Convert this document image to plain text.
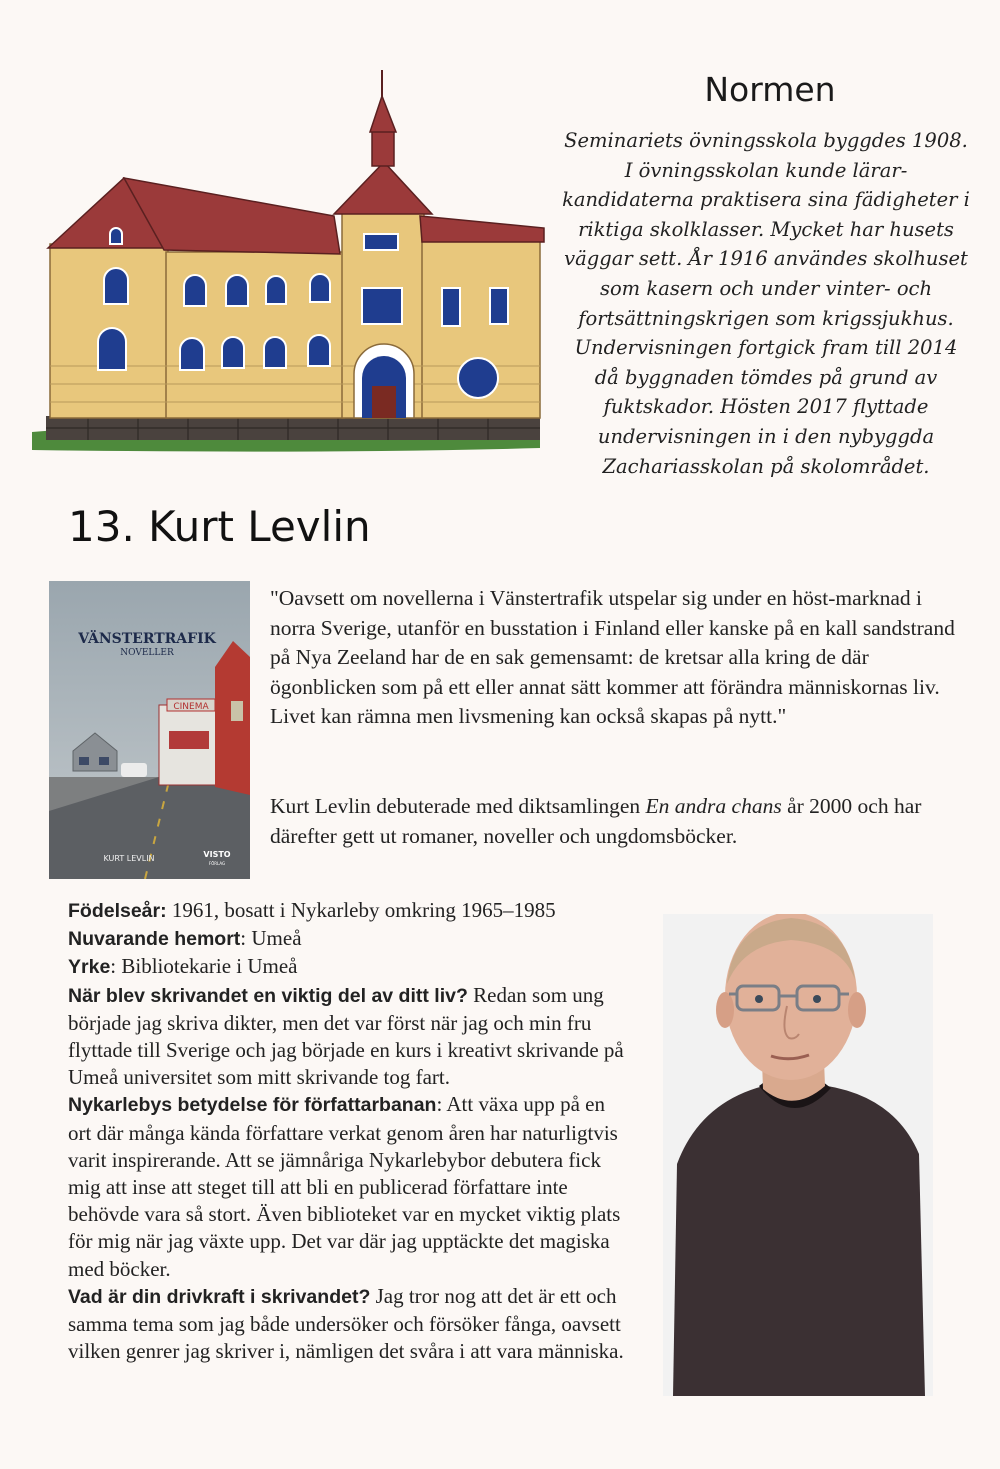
Normen

Seminariets övningsskola byggdes 1908. I övningsskolan kunde lärar-kandidaterna praktisera sina fädigheter i riktiga skolklasser. Mycket har husets väggar sett. År 1916 användes skolhuset som kasern och under vinter- och fortsättningskrigen som krigssjukhus. Undervisningen fortgick fram till 2014 då byggnaden tömdes på grund av fuktskador. Hösten 2017 flyttade undervisningen in i den nybyggda Zachariasskolan på skolområdet.

13. Kurt Levlin
CINEMA
VÄNSTERTRAFIK
NOVELLER
KURT LEVLIN	VISTO
FÖRLAG

"Oavsett om novellerna i Vänstertrafik utspelar sig under en höst-marknad i norra Sverige, utanför en busstation i Finland eller kanske på en kall sandstrand på Nya Zeeland har de en sak gemensamt: de kretsar alla kring de där ögonblicken som på ett eller annat sätt kommer att förändra människornas liv. Livet kan rämna men livsmening kan också skapas på nytt."

Kurt Levlin debuterade med diktsamlingen En andra chans år 2000 och har därefter gett ut romaner, noveller och ungdomsböcker.

Födelseår: 1961, bosatt i Nykarleby omkring 1965–1985

Nuvarande hemort: Umeå

Yrke: Bibliotekarie i Umeå

När blev skrivandet en viktig del av ditt liv? Redan som ung började jag skriva dikter, men det var först när jag och min fru flyttade till Sverige och jag började en kurs i kreativt skrivande på Umeå universitet som mitt skrivande tog fart.

Nykarlebys betydelse för författarbanan: Att växa upp på en ort där många kända författare verkat genom åren har naturligtvis varit inspirerande. Att se jämnåriga Nykarlebybor debutera fick mig att inse att steget till att bli en publicerad författare inte behövde vara så stort. Även biblioteket var en mycket viktig plats för mig när jag växte upp. Det var där jag upptäckte det magiska med böcker.

Vad är din drivkraft i skrivandet? Jag tror nog att det är ett och samma tema som jag både undersöker och försöker fånga, oavsett vilken genrer jag skriver i, nämligen det svåra i att vara människa.
